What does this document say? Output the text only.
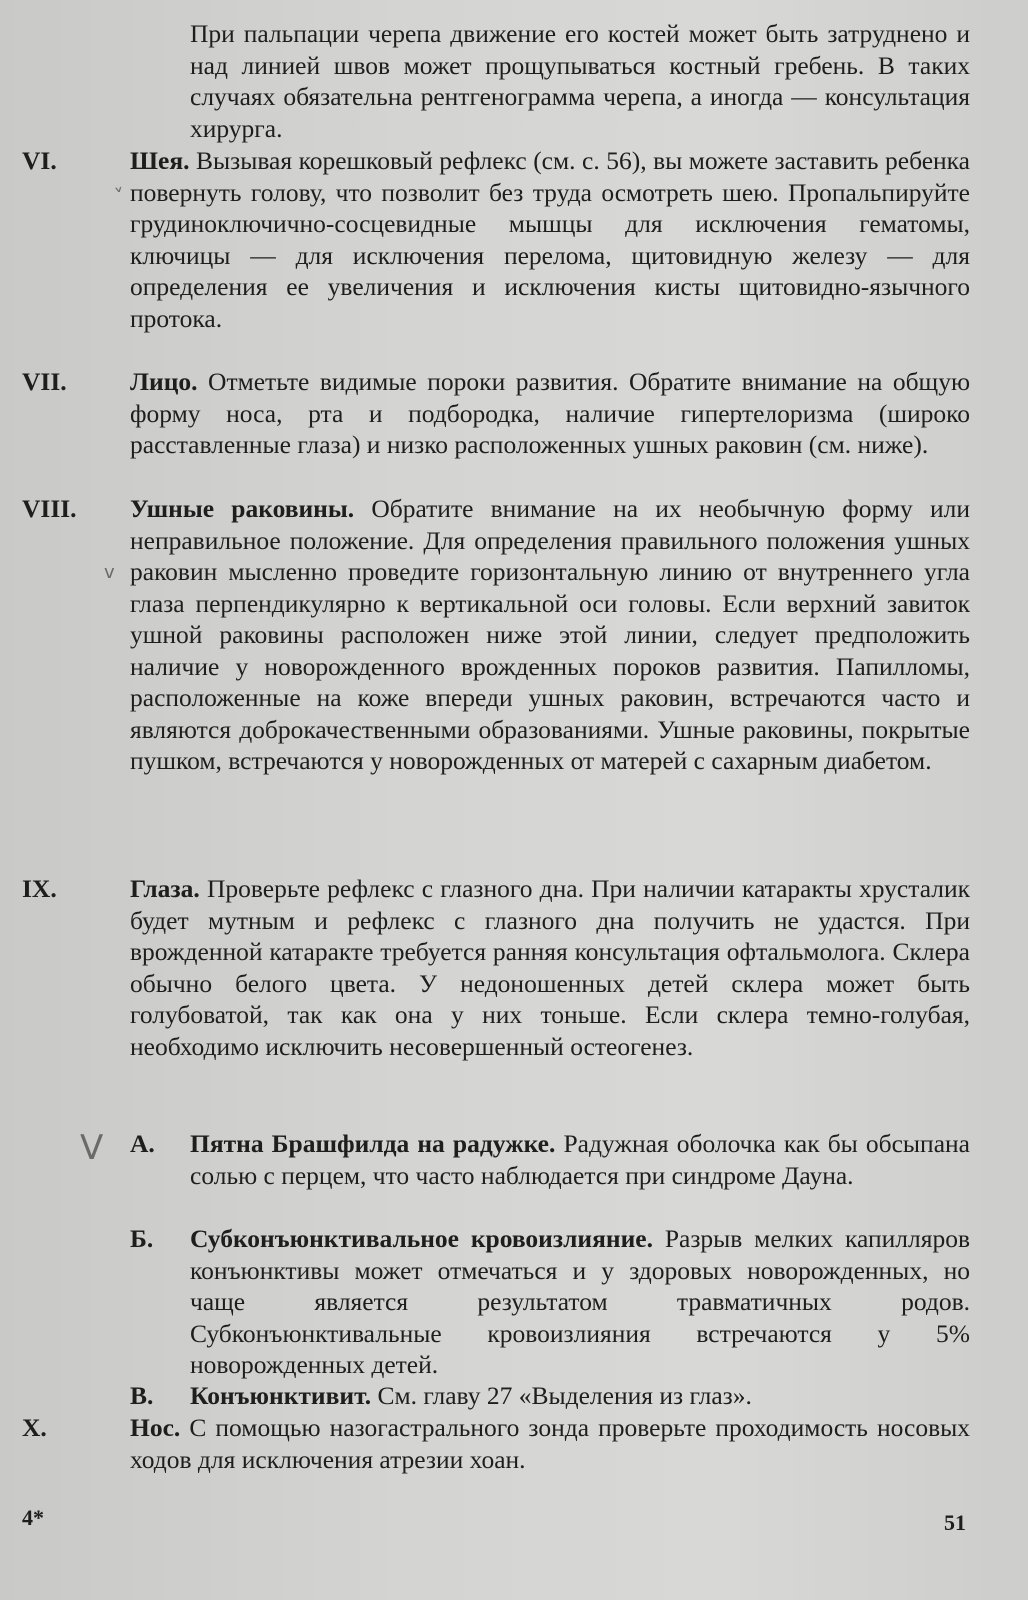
При пальпации черепа движение его костей может быть затруднено и над линией швов может прощупываться костный гребень. В таких случаях обязательна рентгенограмма черепа, а иногда — консультация хирурга.

VI.	Шея. Вызывая корешковый рефлекс (см. с. 56), вы можете заставить ребенка повернуть голову, что позволит без труда осмотреть шею. Пропальпируйте грудиноключично-сосцевидные мышцы для исключения гематомы, ключицы — для исключения перелома, щитовидную железу — для определения ее увеличения и исключения кисты щитовидно-язычного протока.

VII. Лицо. Отметьте видимые пороки развития. Обратите внимание на общую форму носа, рта и подбородка, наличие гипертелоризма (широко расставленные глаза) и низко расположенных ушных раковин (см. ниже).

VIII. Ушные раковины. Обратите внимание на их необычную форму или неправильное положение. Для определения правильного положения ушных раковин мысленно проведите горизонтальную линию от внутреннего угла глаза перпендикулярно к вертикальной оси головы. Если верхний завиток ушной раковины расположен ниже этой линии, следует предположить наличие у новорожденного врожденных пороков развития. Папилломы, расположенные на коже впереди ушных раковин, встречаются часто и являются доброкачественными образованиями. Ушные раковины, покрытые пушком, встречаются у новорожденных от матерей с сахарным диабетом.

IX.	Глаза. Проверьте рефлекс с глазного дна. При наличии катаракты хрусталик будет мутным и рефлекс с глазного дна получить не удастся. При врожденной катаракте требуется ранняя консультация офтальмолога. Склера обычно белого цвета. У недоношенных детей склера может быть голубоватой, так как она у них тоньше. Если склера темно-голубая, необходимо исключить несовершенный остеогенез.

А. Пятна Брашфилда на радужке. Радужная оболочка как бы обсыпана солью с перцем, что часто наблюдается при синдроме Дауна.

Б. Субконъюнктивальное кровоизлияние. Разрыв мелких капилляров конъюнктивы может отмечаться и у здоровых новорожденных, но чаще является результатом травматичных родов. Субконъюнктивальные кровоизлияния встречаются у 5% новорожденных детей.

В. Конъюнктивит. См. главу 27 «Выделения из глаз».

X.	Нос. С помощью назогастрального зонда проверьте проходимость носовых ходов для исключения атрезии хоан.

ˬ
v
V
4*	51
